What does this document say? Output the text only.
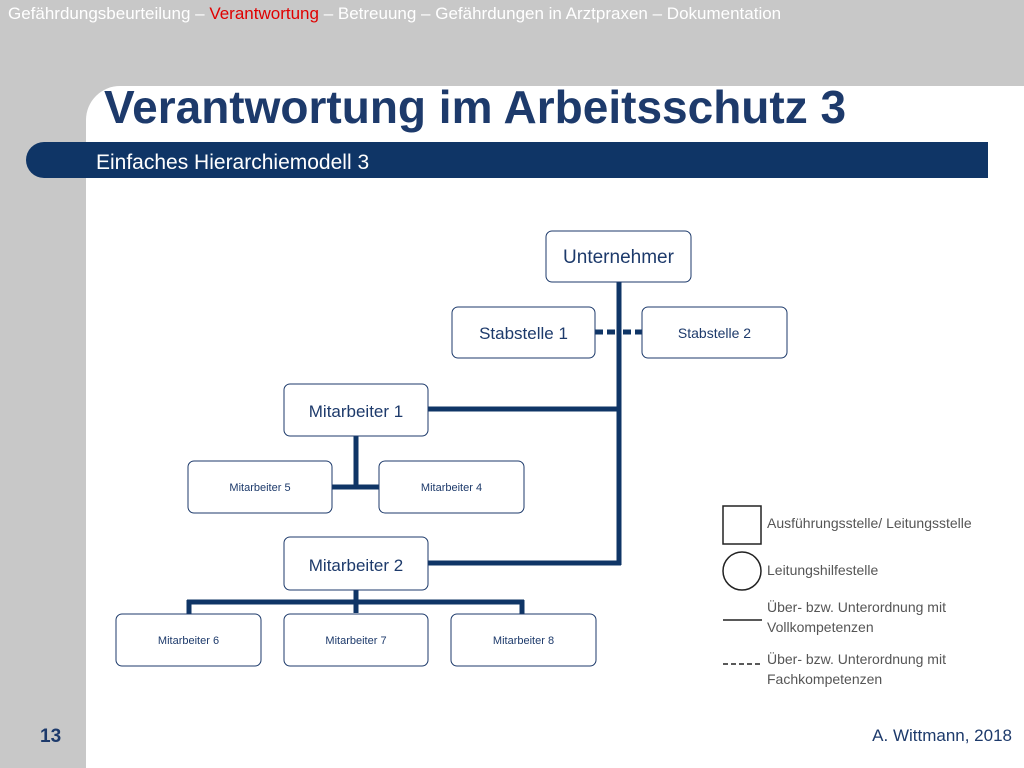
Gefährdungsbeurteilung – Verantwortung – Betreuung – Gefährdungen in Arztpraxen – Dokumentation
Verantwortung im Arbeitsschutz 3
Einfaches Hierarchiemodell 3
Unternehmer
Stabstelle 1	Stabstelle 2
Mitarbeiter 1
Mitarbeiter 5	Mitarbeiter 4
Mitarbeiter 2
Mitarbeiter 6	Mitarbeiter 7	Mitarbeiter 8
Ausführungsstelle/ Leitungsstelle
Leitungshilfestelle
Über- bzw. Unterordnung mit
Vollkompetenzen
Über- bzw. Unterordnung mit
Fachkompetenzen
13	A. Wittmann, 2018
